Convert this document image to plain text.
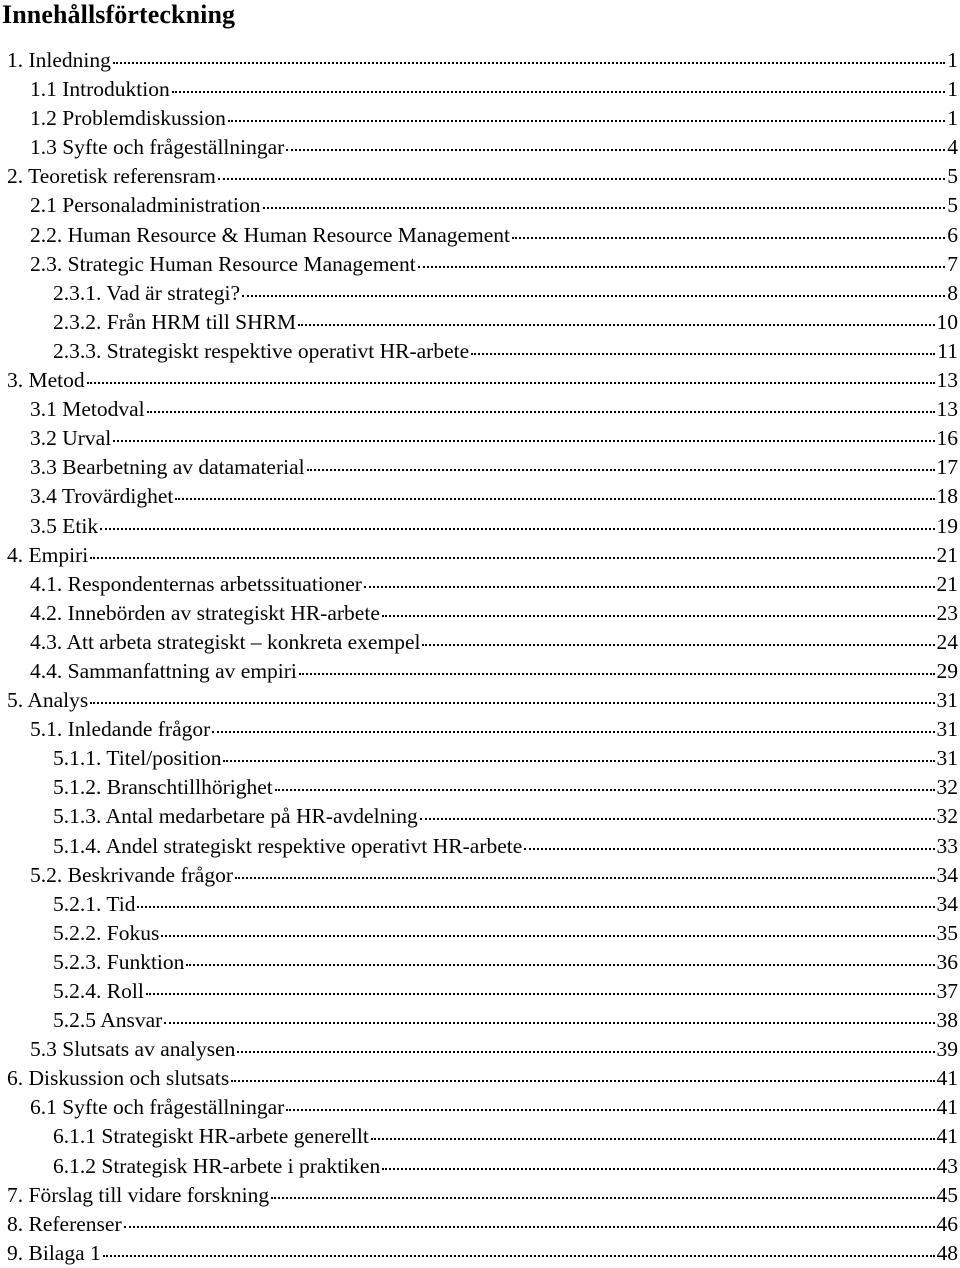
Innehållsförteckning
1. Inledning	1
1.1 Introduktion	1
1.2 Problemdiskussion	1
1.3 Syfte och frågeställningar	4
2. Teoretisk referensram	5
2.1 Personaladministration	5
2.2. Human Resource & Human Resource Management	6
2.3. Strategic Human Resource Management	7
2.3.1. Vad är strategi?	8
2.3.2. Från HRM till SHRM	10
2.3.3. Strategiskt respektive operativt HR-arbete	11
3. Metod	13
3.1 Metodval	13
3.2 Urval	16
3.3 Bearbetning av datamaterial	17
3.4 Trovärdighet	18
3.5 Etik	19
4. Empiri	21
4.1. Respondenternas arbetssituationer	21
4.2. Innebörden av strategiskt HR-arbete	23
4.3. Att arbeta strategiskt – konkreta exempel	24
4.4. Sammanfattning av empiri	29
5. Analys	31
5.1. Inledande frågor	31
5.1.1. Titel/position	31
5.1.2. Branschtillhörighet	32
5.1.3. Antal medarbetare på HR-avdelning	32
5.1.4. Andel strategiskt respektive operativt HR-arbete	33
5.2. Beskrivande frågor	34
5.2.1. Tid	34
5.2.2. Fokus	35
5.2.3. Funktion	36
5.2.4. Roll	37
5.2.5 Ansvar	38
5.3 Slutsats av analysen	39
6. Diskussion och slutsats	41
6.1 Syfte och frågeställningar	41
6.1.1 Strategiskt HR-arbete generellt	41
6.1.2 Strategisk HR-arbete i praktiken	43
7. Förslag till vidare forskning	45
8. Referenser	46
9. Bilaga 1	48
